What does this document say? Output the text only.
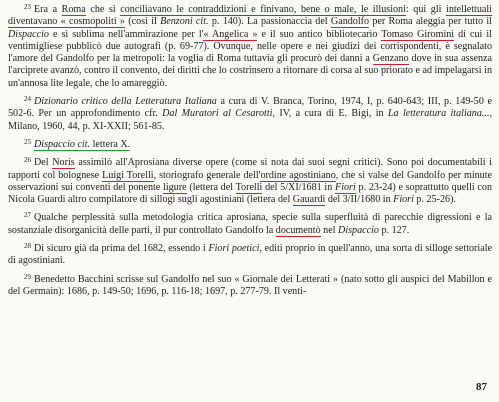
$^{23}$ Era a Roma che si conciliavano le contraddizioni e finivano, bene o male, le illusioni: qui gli intellettuali diventavano « cosmopoliti » (così il Benzoni cit. p. 140). La passionaccia del Gandolfo per Roma aleggia per tutto il Dispaccio e si sublima nell'ammirazione per l'« Angelica » e il suo antico bibliotecario Tomaso Giromini di cui il ventimigliese pubblicò due autografi (p. 69-77). Ovunque, nelle opere e nei giudizi dei corrispondenti, è segnalato l'amore del Gandolfo per la metropoli: la voglia di Roma tuttavia gli procurò dei danni a Genzano dove in sua assenza l'arciprete avanzò, contro il convento, dei diritti che lo costrinsero a ritornare di corsa al suo priorato e ad impelagarsi in un'annosa lite legale, che lo amareggiò.

$^{24}$ Dizionario critico della Letteratura Italiana a cura di V. Branca, Torino, 1974, I, p. 640-643; III, p. 149-50 e 502-6. Per un approfondimento cfr. Dal Muratori al Cesarotti, IV, a cura di E. Bigi, in La letteratura italiana..., Milano, 1960, 44, p. XI-XXII; 561-85.

$^{25}$ Dispaccio cit. lettera X.

$^{26}$ Del Noris assimilò all'Aprosiana diverse opere (come si nota dai suoi segni critici). Sono poi documentabili i rapporti col bolognese Luigi Torelli, storiografo generale dell'ordine agostiniano, che si valse del Gandolfo per minute osservazioni sui conventi del ponente ligure (lettera del Torelli del 5/XI/1681 in Fiori p. 23-24) e soprattutto quelli con Nicola Guardi altro compilatore di sillogi sugli agostiniani (lettera del Gauardi del 3/II/1680 in Fiori p. 25-26).

$^{27}$ Qualche perplessità sulla metodologia critica aprosiana, specie sulla superfluità di parecchie digressioni e la sostanziale disorganicità delle parti, il pur controllato Gandolfo la documentò nel Dispaccio p. 127.

$^{28}$ Di sicuro già da prima del 1682, essendo i Fiori poetici, editi proprio in quell'anno, una sorta di silloge settoriale di agostiniani.

$^{29}$ Benedetto Bacchini scrisse sul Gandolfo nel suo « Giornale dei Letterati » (nato sotto gli auspici del Mabillon e del Germain): 1686, p. 149-50; 1696, p. 116-18; 1697, p. 277-79. Il venti-

87
